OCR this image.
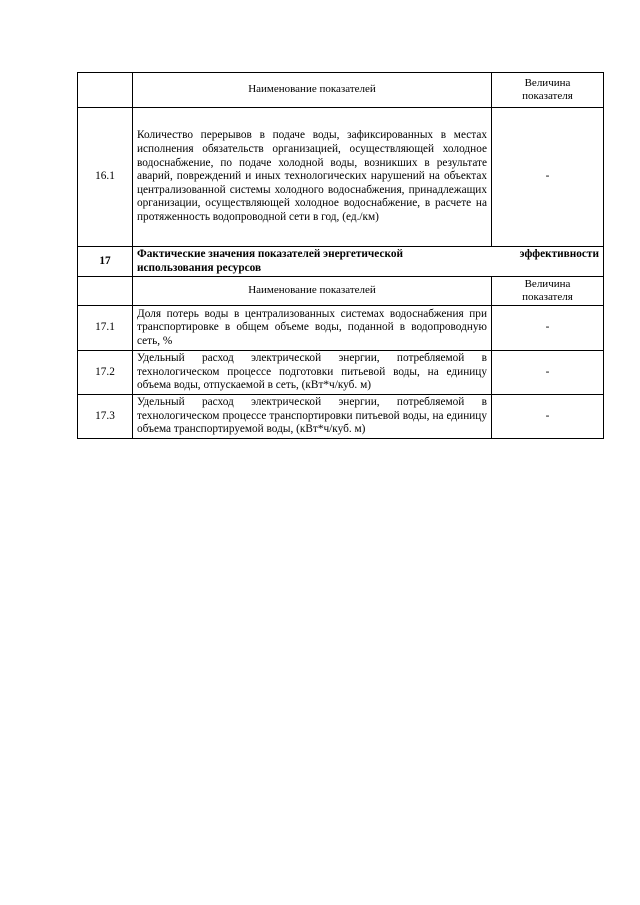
	Наименование показателей	Величина
показателя

16.1	Количество перерывов в подаче воды, зафиксированных в местах исполнения обязательств организацией, осуществляющей холодное водоснабжение, по подаче холодной воды, возникших в результате аварий, повреждений и иных технологических нарушений на объектах централизованной системы холодного водоснабжения, принадлежащих организации, осуществляющей холодное водоснабжение, в расчете на протяженность водопроводной сети в год, (ед./км)	-
17	Фактические значения показателей энергетической эффективности
использования ресурсов	

	Наименование показателей	Величина
показателя

17.1	Доля потерь воды в централизованных системах водоснабжения при транспортировке в общем объеме воды, поданной в водопроводную сеть, %	-
17.2	Удельный расход электрической энергии, потребляемой в технологическом процессе подготовки питьевой воды, на единицу объема воды, отпускаемой в сеть, (кВт*ч/куб. м)	-
17.3	Удельный расход электрической энергии, потребляемой в технологическом процессе транспортировки питьевой воды, на единицу объема транспортируемой воды, (кВт*ч/куб. м)	-
